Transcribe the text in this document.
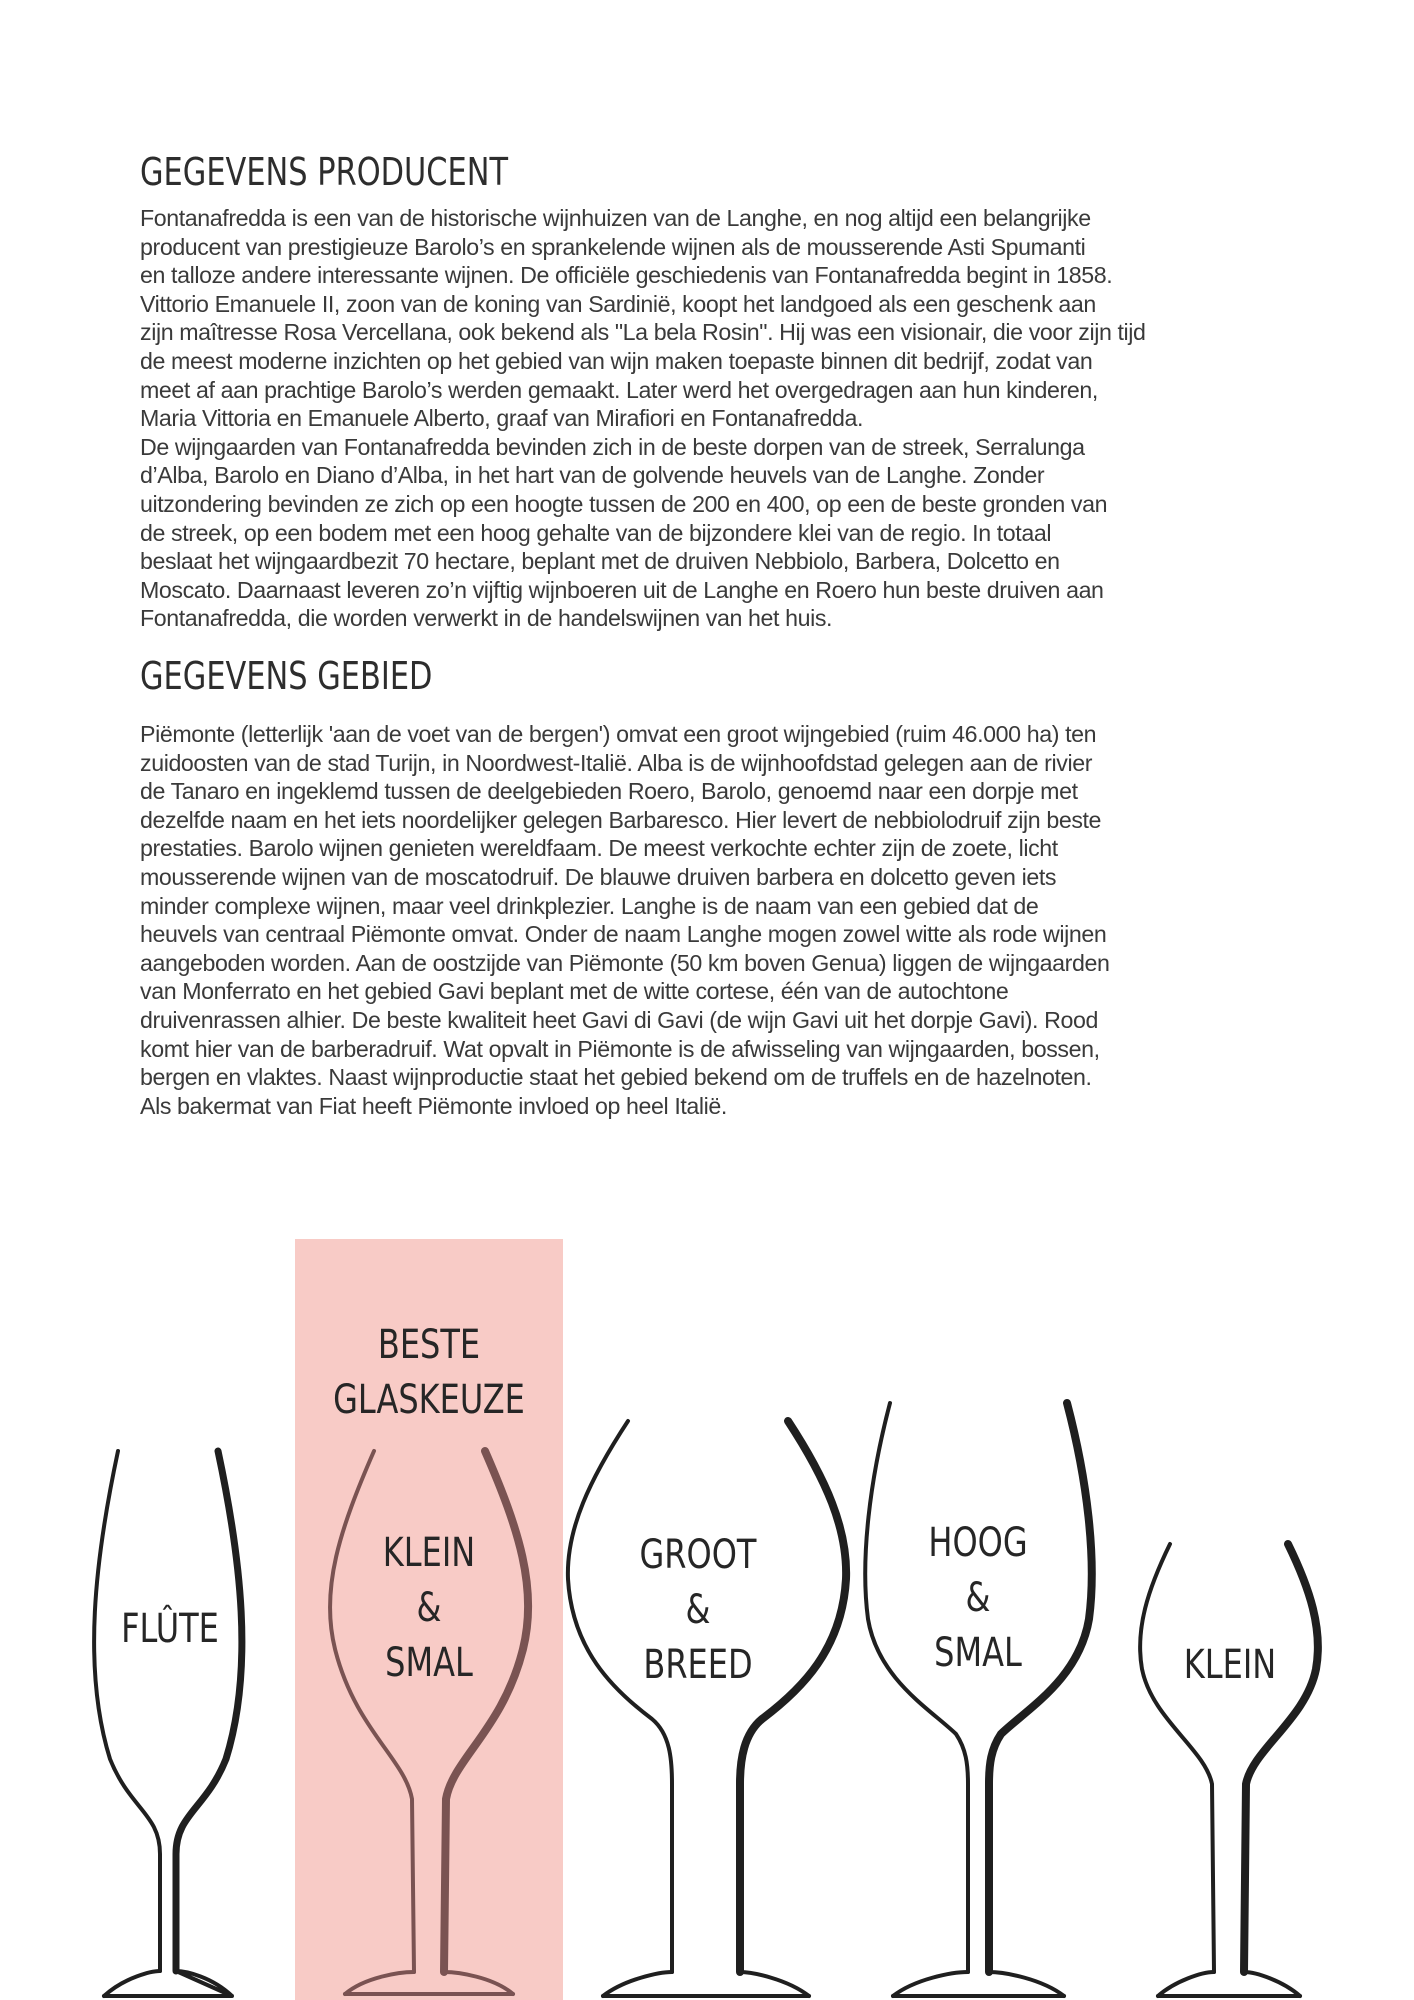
GEGEVENS PRODUCENT
Fontanafredda is een van de historische wijnhuizen van de Langhe, en nog altijd een belangrijke
producent van prestigieuze Barolo’s en sprankelende wijnen als de mousserende Asti Spumanti
en talloze andere interessante wijnen. De officiële geschiedenis van Fontanafredda begint in 1858.
Vittorio Emanuele II, zoon van de koning van Sardinië, koopt het landgoed als een geschenk aan
zijn maîtresse Rosa Vercellana, ook bekend als "La bela Rosin". Hij was een visionair, die voor zijn tijd
de meest moderne inzichten op het gebied van wijn maken toepaste binnen dit bedrijf, zodat van
meet af aan prachtige Barolo’s werden gemaakt. Later werd het overgedragen aan hun kinderen,
Maria Vittoria en Emanuele Alberto, graaf van Mirafiori en Fontanafredda.
De wijngaarden van Fontanafredda bevinden zich in de beste dorpen van de streek, Serralunga
d’Alba, Barolo en Diano d’Alba, in het hart van de golvende heuvels van de Langhe. Zonder
uitzondering bevinden ze zich op een hoogte tussen de 200 en 400, op een de beste gronden van
de streek, op een bodem met een hoog gehalte van de bijzondere klei van de regio. In totaal
beslaat het wijngaardbezit 70 hectare, beplant met de druiven Nebbiolo, Barbera, Dolcetto en
Moscato. Daarnaast leveren zo’n vijftig wijnboeren uit de Langhe en Roero hun beste druiven aan
Fontanafredda, die worden verwerkt in de handelswijnen van het huis.
GEGEVENS GEBIED
Piëmonte (letterlijk 'aan de voet van de bergen') omvat een groot wijngebied (ruim 46.000 ha) ten
zuidoosten van de stad Turijn, in Noordwest-Italië. Alba is de wijnhoofdstad gelegen aan de rivier
de Tanaro en ingeklemd tussen de deelgebieden Roero, Barolo, genoemd naar een dorpje met
dezelfde naam en het iets noordelijker gelegen Barbaresco. Hier levert de nebbiolodruif zijn beste
prestaties. Barolo wijnen genieten wereldfaam. De meest verkochte echter zijn de zoete, licht
mousserende wijnen van de moscatodruif. De blauwe druiven barbera en dolcetto geven iets
minder complexe wijnen, maar veel drinkplezier. Langhe is de naam van een gebied dat de
heuvels van centraal Piëmonte omvat. Onder de naam Langhe mogen zowel witte als rode wijnen
aangeboden worden. Aan de oostzijde van Piëmonte (50 km boven Genua) liggen de wijngaarden
van Monferrato en het gebied Gavi beplant met de witte cortese, één van de autochtone
druivenrassen alhier. De beste kwaliteit heet Gavi di Gavi (de wijn Gavi uit het dorpje Gavi). Rood
komt hier van de barberadruif. Wat opvalt in Piëmonte is de afwisseling van wijngaarden, bossen,
bergen en vlaktes. Naast wijnproductie staat het gebied bekend om de truffels en de hazelnoten.
Als bakermat van Fiat heeft Piëmonte invloed op heel Italië.
BESTE
GLASKEUZE
FLÛTE
KLEIN
&
SMAL
GROOT
&
BREED
HOOG
&
SMAL	KLEIN
